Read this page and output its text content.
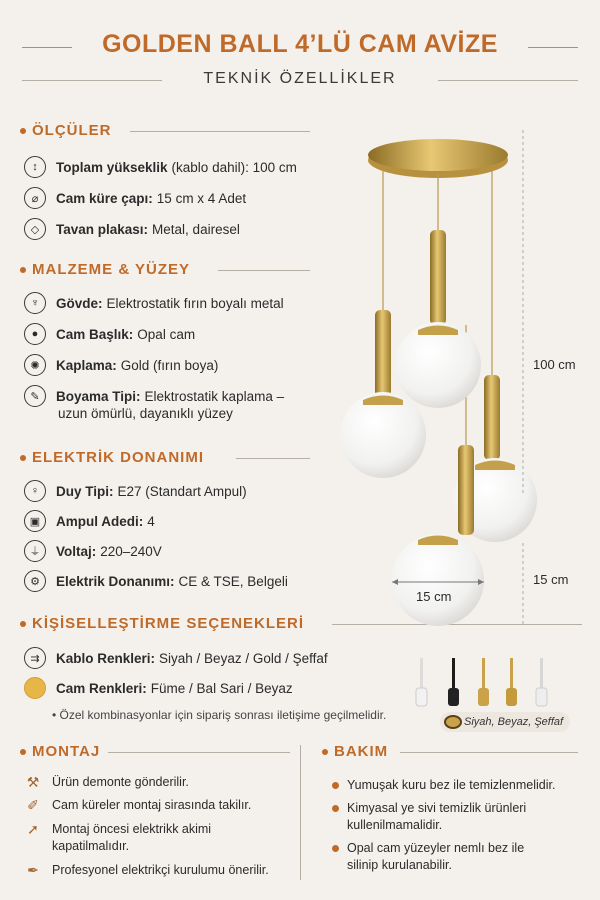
GOLDEN BALL 4’LÜ CAM AVİZE
TEKNİK ÖZELLİKLER
ÖLÇÜLER
↕	Toplam yükseklik (kablo dahil): 100 cm
⌀	Cam küre çapı: 15 cm x 4 Adet
◇	Tavan plakası: Metal, dairesel
MALZEME & YÜZEY
♆	Gövde: Elektrostatik fırın boyalı metal
●	Cam Başlık: Opal cam
✺	Kaplama: Gold (fırın boya)
✎	Boyama Tipi: Elektrostatik kaplama –
uzun ömürlü, dayanıklı yüzey
ELEKTRİK DONANIMI
♀	Duy Tipi: E27 (Standart Ampul)
▣	Ampul Adedi: 4
⏚	Voltaj: 220–240V
⚙	Elektrik Donanımı: CE & TSE, Belgeli
KİŞİSELLEŞTİRME SEÇENEKLERİ
⇉	Kablo Renkleri: Siyah / Beyaz / Gold / Şeffaf
Cam Renkleri: Füme / Bal Sari / Beyaz
• Özel kombinasyonlar için sipariş sonrası iletişime geçilmelidir.	Siyah, Beyaz, Şeffaf
100 cm
15 cm
15 cm
MONTAJ
⚒ Ürün demonte gönderilir.
✐ Cam küreler montaj sirasında takilır.
➚ Montaj öncesi elektrikk akimi
kapatilmalıdır.
✒ Profesyonel elektrikçi kurulumu önerilir.
BAKIM
Yumuşak kuru bez ile temizlenmelidir.
Kimyasal ye sivi temizlik ürünleri
kullenilmamalidir.
Opal cam yüzeyler nemlı bez ile
silinip kurulanabilir.
